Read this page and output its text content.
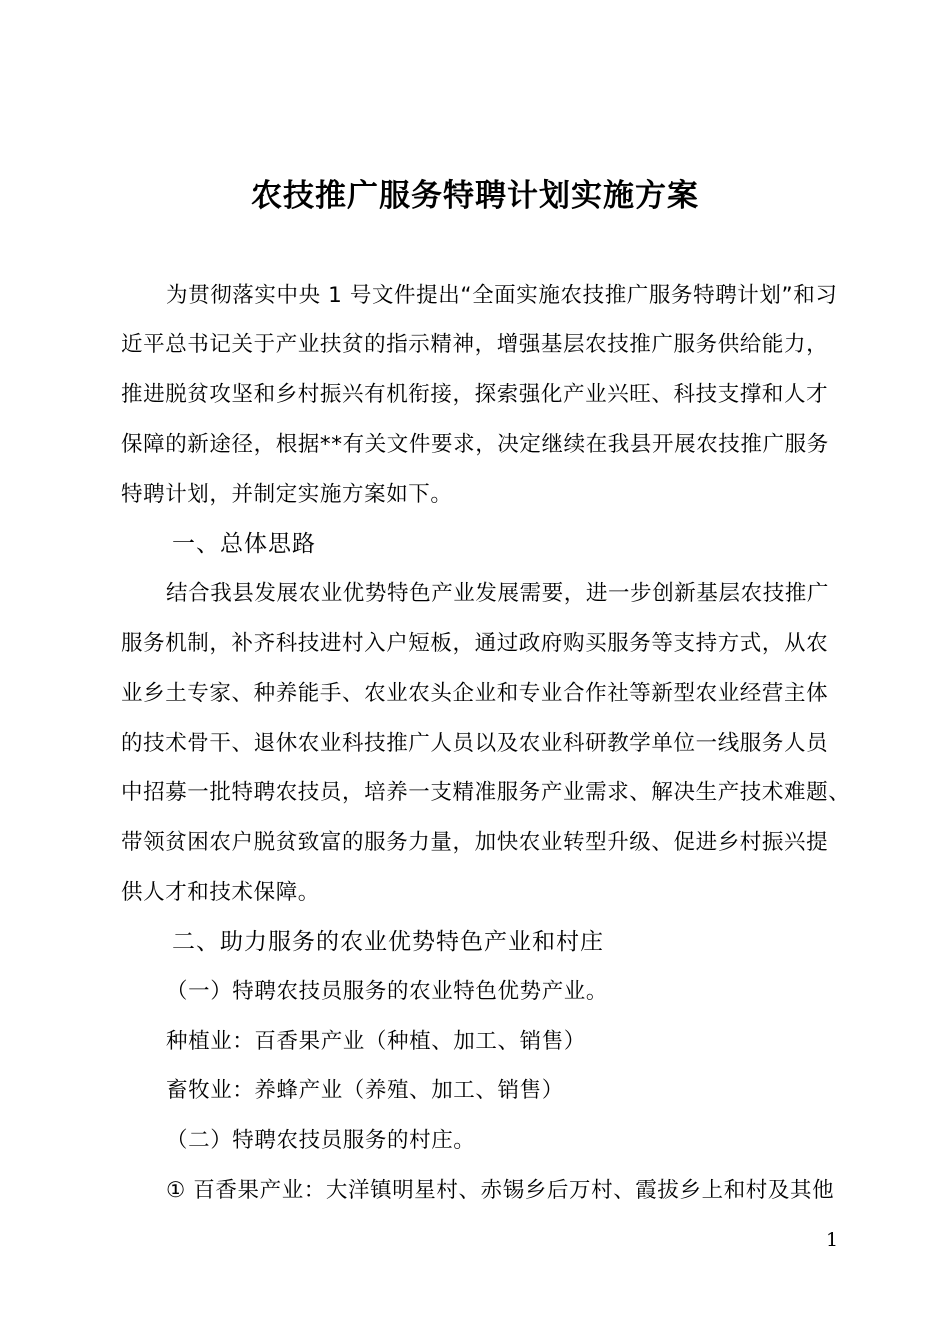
农技推广服务特聘计划实施方案
为贯彻落实中央 1 号文件提出“全面实施农技推广服务特聘计划”和习
近平总书记关于产业扶贫的指示精神，增强基层农技推广服务供给能力，
推进脱贫攻坚和乡村振兴有机衔接，探索强化产业兴旺、科技支撑和人才
保障的新途径，根据**有关文件要求，决定继续在我县开展农技推广服务
特聘计划，并制定实施方案如下。
一、总体思路
结合我县发展农业优势特色产业发展需要，进一步创新基层农技推广
服务机制，补齐科技进村入户短板，通过政府购买服务等支持方式，从农
业乡土专家、种养能手、农业农头企业和专业合作社等新型农业经营主体
的技术骨干、退休农业科技推广人员以及农业科研教学单位一线服务人员
中招募一批特聘农技员，培养一支精准服务产业需求、解决生产技术难题、
带领贫困农户脱贫致富的服务力量，加快农业转型升级、促进乡村振兴提
供人才和技术保障。
二、助力服务的农业优势特色产业和村庄
（一）特聘农技员服务的农业特色优势产业。
种植业：百香果产业（种植、加工、销售）
畜牧业：养蜂产业（养殖、加工、销售）
（二）特聘农技员服务的村庄。
① 百香果产业：大洋镇明星村、赤锡乡后万村、霞拔乡上和村及其他
1
